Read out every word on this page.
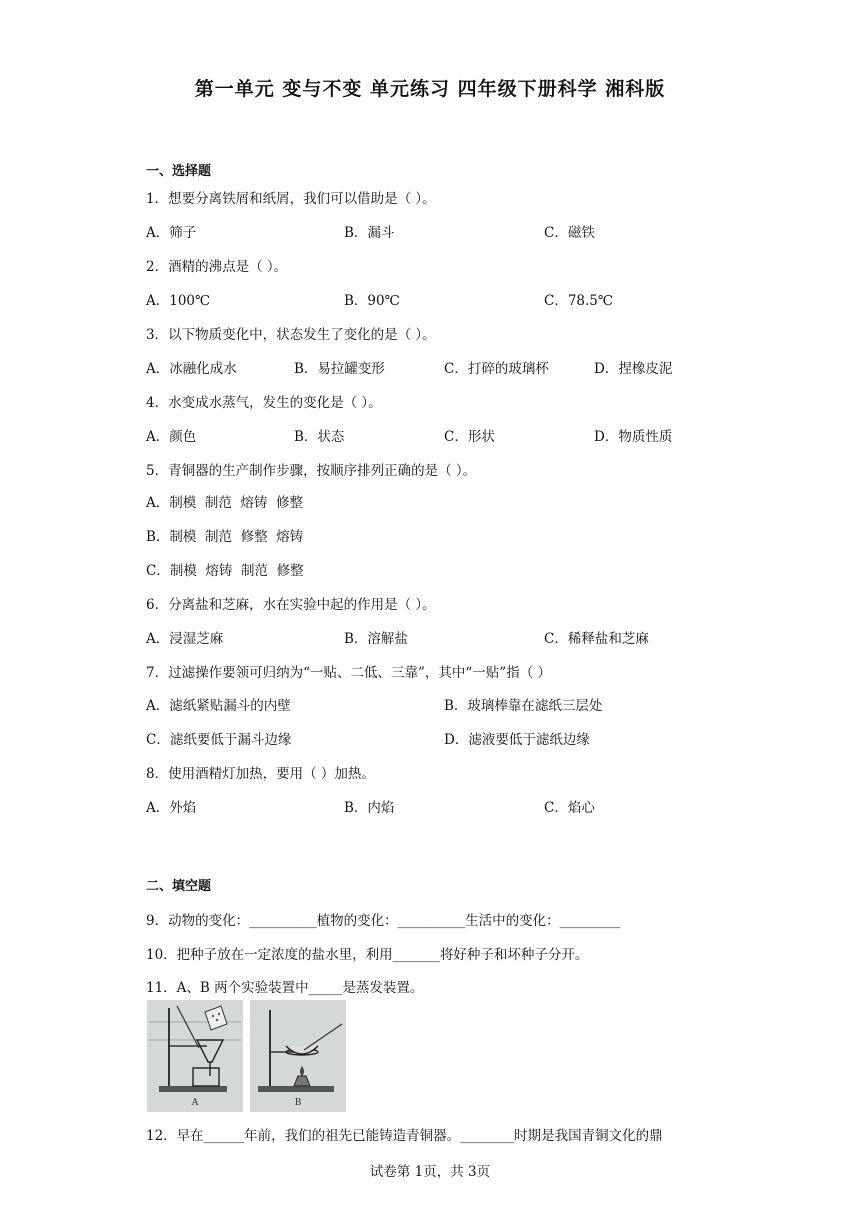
第一单元 变与不变 单元练习 四年级下册科学 湘科版
一、选择题
1．想要分离铁屑和纸屑，我们可以借助是（ ）。
A．筛子	B．漏斗	C．磁铁
2．酒精的沸点是（ ）。
A．100℃	B．90℃	C．78.5℃
3．以下物质变化中，状态发生了变化的是（ ）。
A．冰融化成水	B．易拉罐变形	C．打碎的玻璃杯	D．捏橡皮泥
4．水变成水蒸气，发生的变化是（ ）。
A．颜色	B．状态	C．形状	D．物质性质
5．青铜器的生产制作步骤，按顺序排列正确的是（ ）。
A．制模  制范  熔铸  修整
B．制模  制范  修整  熔铸
C．制模  熔铸  制范  修整
6．分离盐和芝麻，水在实验中起的作用是（ ）。
A．浸湿芝麻	B．溶解盐	C．稀释盐和芝麻
7．过滤操作要领可归纳为“一贴、二低、三靠”，其中“一贴”指（ ）
A．滤纸紧贴漏斗的内壁	B．玻璃棒靠在滤纸三层处
C．滤纸要低于漏斗边缘	D．滤液要低于滤纸边缘
8．使用酒精灯加热，要用（ ）加热。
A．外焰	B．内焰	C．焰心
二、填空题
9．动物的变化：__________植物的变化：__________生活中的变化：_________
10．把种子放在一定浓度的盐水里，利用_______将好种子和坏种子分开。
11．A、B 两个实验装置中_____是蒸发装置。
A	B
12．早在______年前，我们的祖先已能铸造青铜器。________时期是我国青铜文化的鼎
试卷第 1页，共 3页
